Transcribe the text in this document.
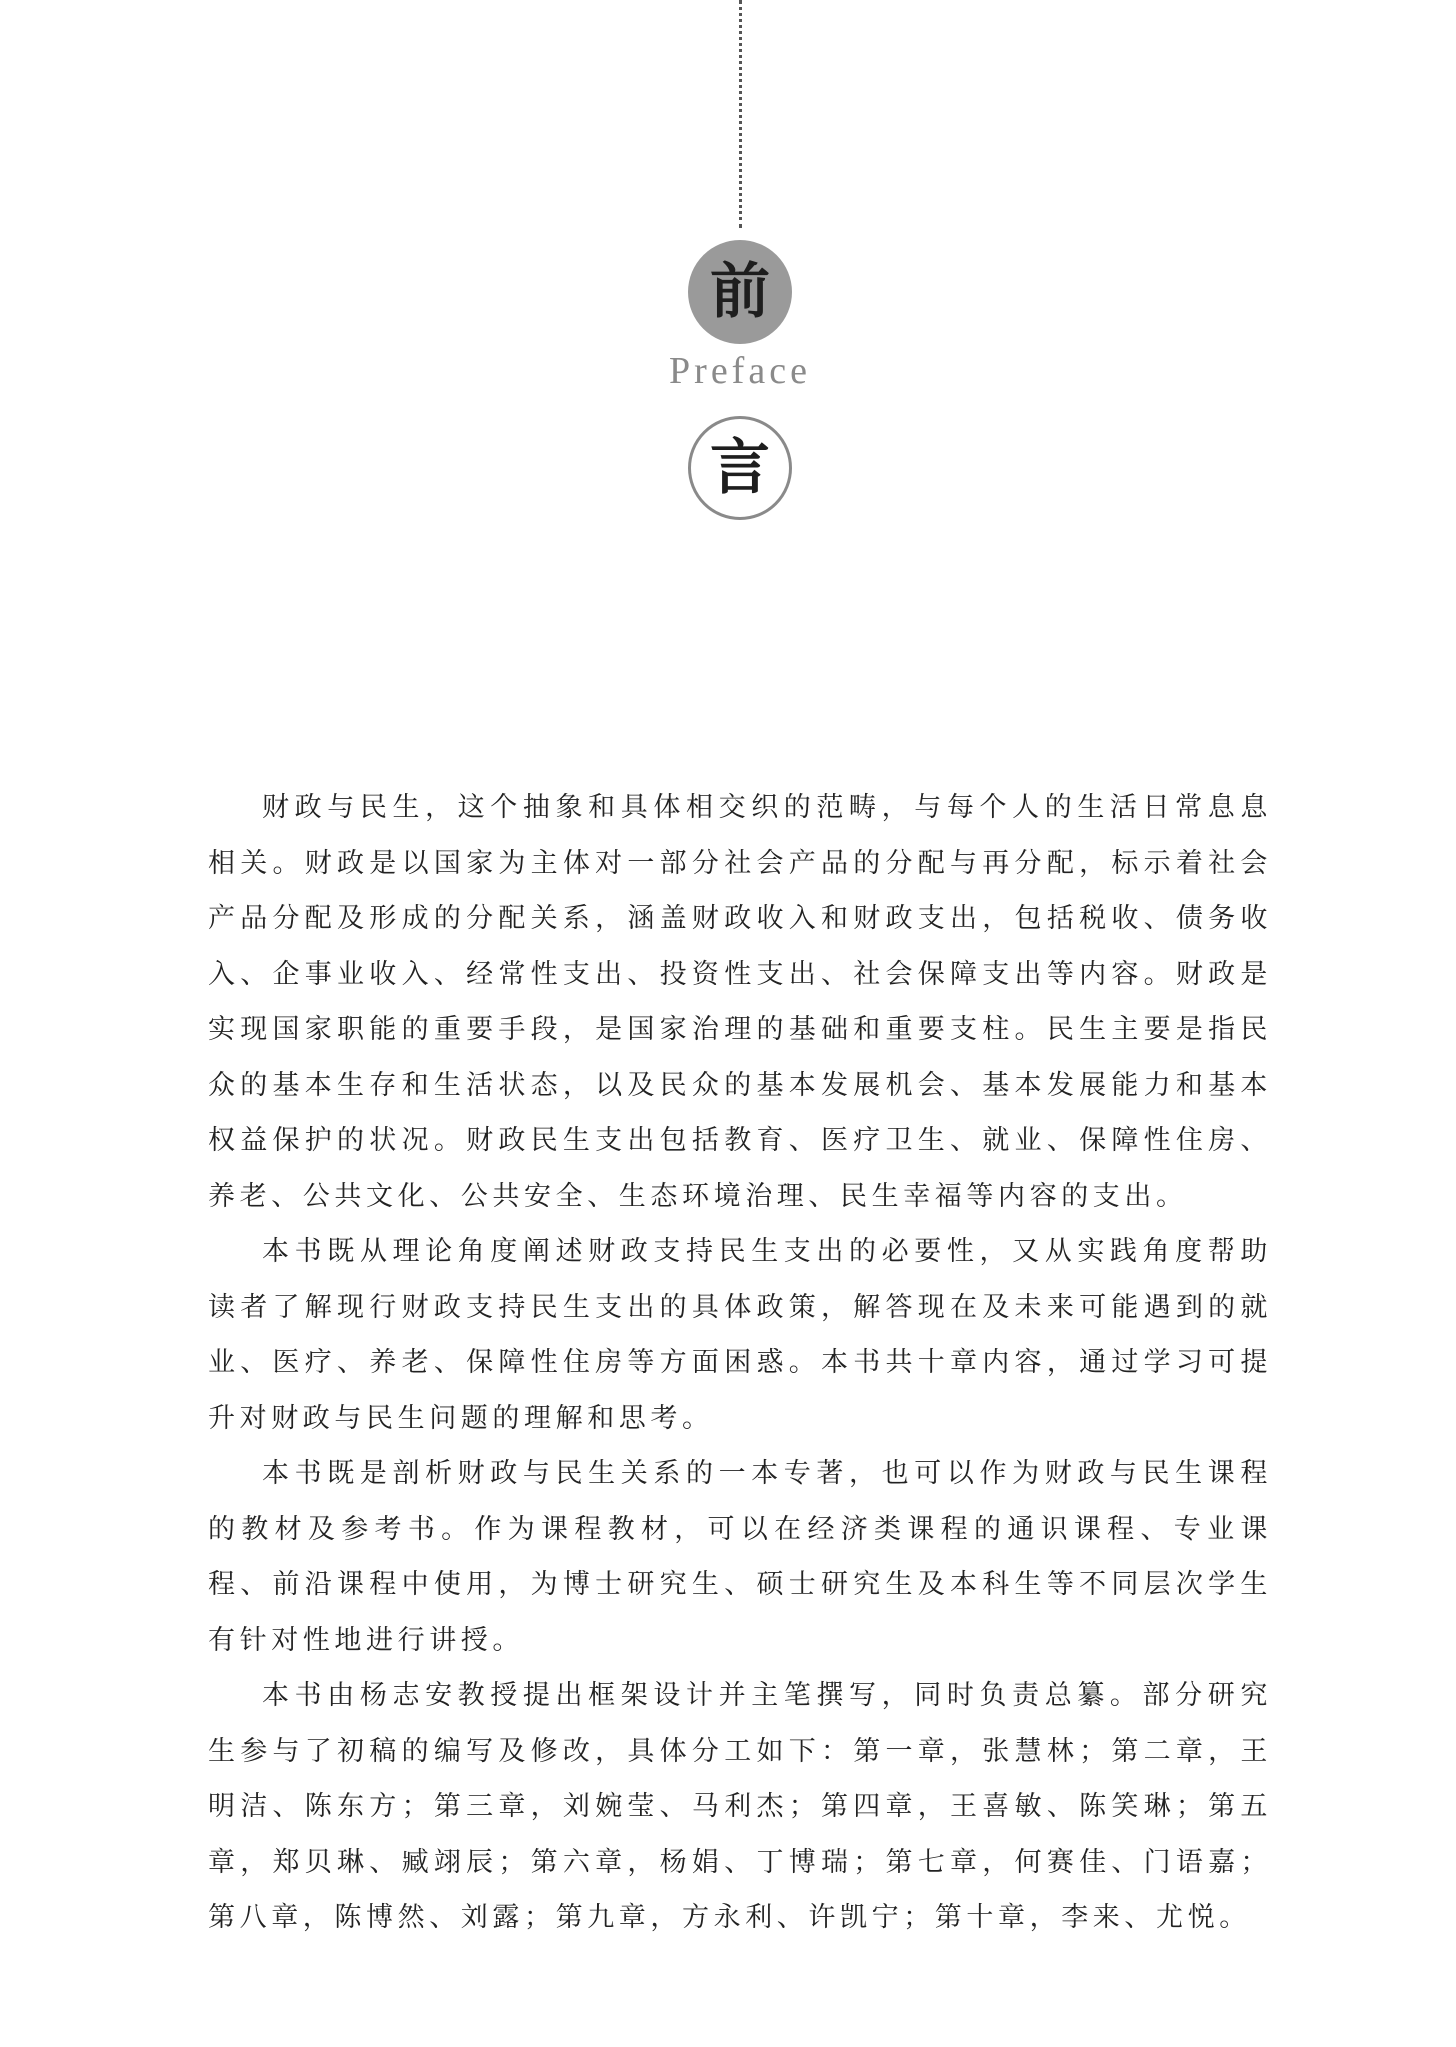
前
Preface
言

财政与民生，这个抽象和具体相交织的范畴，与每个人的生活日常息息相关。财政是以国家为主体对一部分社会产品的分配与再分配，标示着社会产品分配及形成的分配关系，涵盖财政收入和财政支出，包括税收、债务收入、企事业收入、经常性支出、投资性支出、社会保障支出等内容。财政是实现国家职能的重要手段，是国家治理的基础和重要支柱。民生主要是指民众的基本生存和生活状态，以及民众的基本发展机会、基本发展能力和基本权益保护的状况。财政民生支出包括教育、医疗卫生、就业、保障性住房、养老、公共文化、公共安全、生态环境治理、民生幸福等内容的支出。

本书既从理论角度阐述财政支持民生支出的必要性，又从实践角度帮助读者了解现行财政支持民生支出的具体政策，解答现在及未来可能遇到的就业、医疗、养老、保障性住房等方面困惑。本书共十章内容，通过学习可提升对财政与民生问题的理解和思考。

本书既是剖析财政与民生关系的一本专著，也可以作为财政与民生课程的教材及参考书。作为课程教材，可以在经济类课程的通识课程、专业课程、前沿课程中使用，为博士研究生、硕士研究生及本科生等不同层次学生有针对性地进行讲授。

本书由杨志安教授提出框架设计并主笔撰写，同时负责总纂。部分研究生参与了初稿的编写及修改，具体分工如下：第一章，张慧林；第二章，王明洁、陈东方；第三章，刘婉莹、马利杰；第四章，王喜敏、陈笑琳；第五章，郑贝琳、臧翊辰；第六章，杨娟、丁博瑞；第七章，何赛佳、门语嘉；第八章，陈博然、刘露；第九章，方永利、许凯宁；第十章，李来、尤悦。
